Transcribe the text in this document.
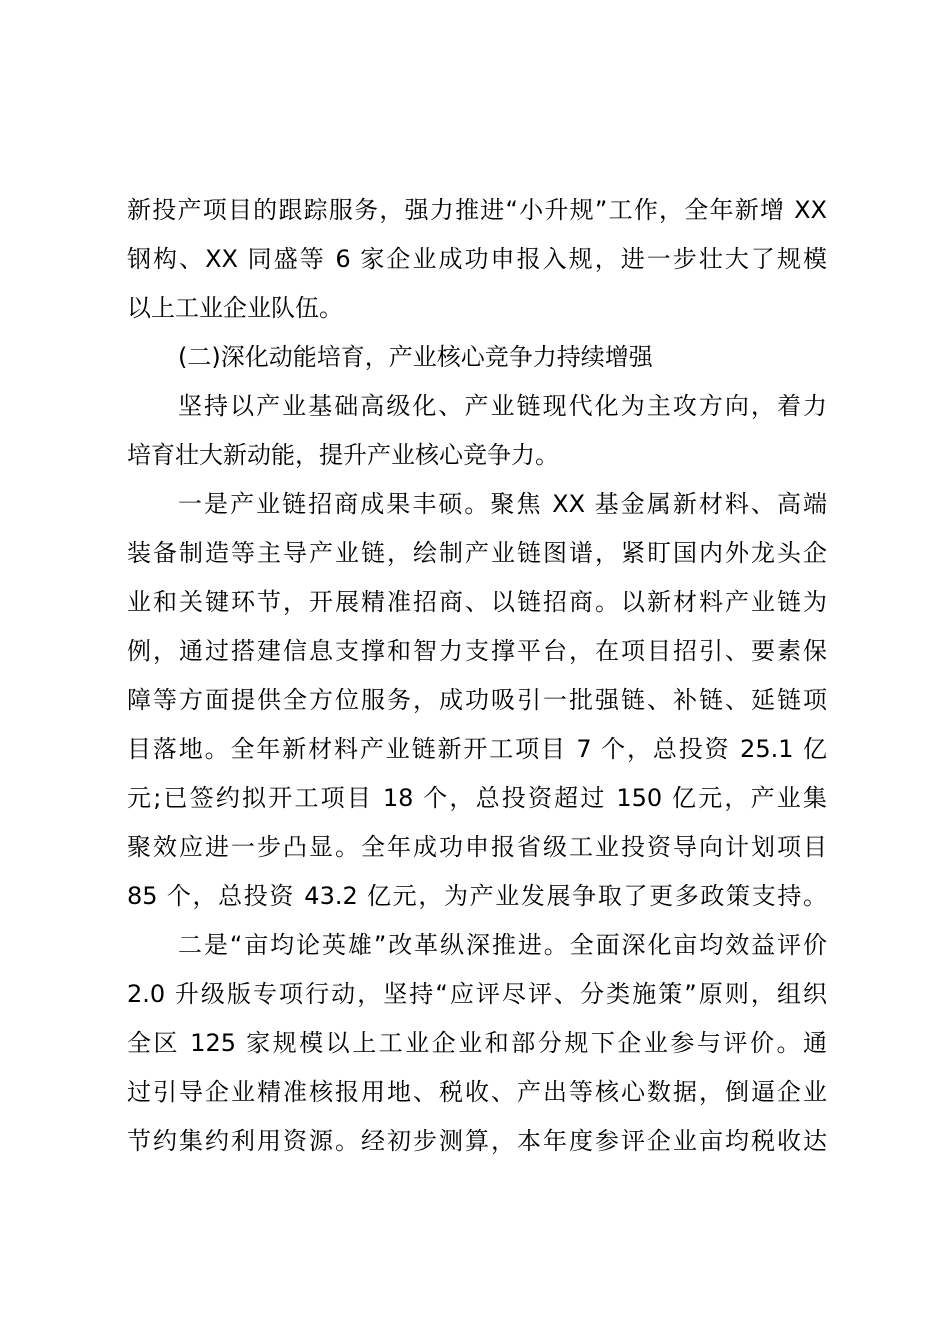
新投产项目的跟踪服务，强力推进“小升规”工作，全年新增 XX
钢构、XX 同盛等 6 家企业成功申报入规，进一步壮大了规模
以上工业企业队伍。
(二)深化动能培育，产业核心竞争力持续增强
坚持以产业基础高级化、产业链现代化为主攻方向，着力
培育壮大新动能，提升产业核心竞争力。
一是产业链招商成果丰硕。聚焦 XX 基金属新材料、高端
装备制造等主导产业链，绘制产业链图谱，紧盯国内外龙头企
业和关键环节，开展精准招商、以链招商。以新材料产业链为
例，通过搭建信息支撑和智力支撑平台，在项目招引、要素保
障等方面提供全方位服务，成功吸引一批强链、补链、延链项
目落地。全年新材料产业链新开工项目 7 个，总投资 25.1 亿
元;已签约拟开工项目 18 个，总投资超过 150 亿元，产业集
聚效应进一步凸显。全年成功申报省级工业投资导向计划项目
85 个，总投资 43.2 亿元，为产业发展争取了更多政策支持。
二是“亩均论英雄”改革纵深推进。全面深化亩均效益评价
2.0 升级版专项行动，坚持“应评尽评、分类施策”原则，组织
全区 125 家规模以上工业企业和部分规下企业参与评价。通
过引导企业精准核报用地、税收、产出等核心数据，倒逼企业
节约集约利用资源。经初步测算，本年度参评企业亩均税收达
